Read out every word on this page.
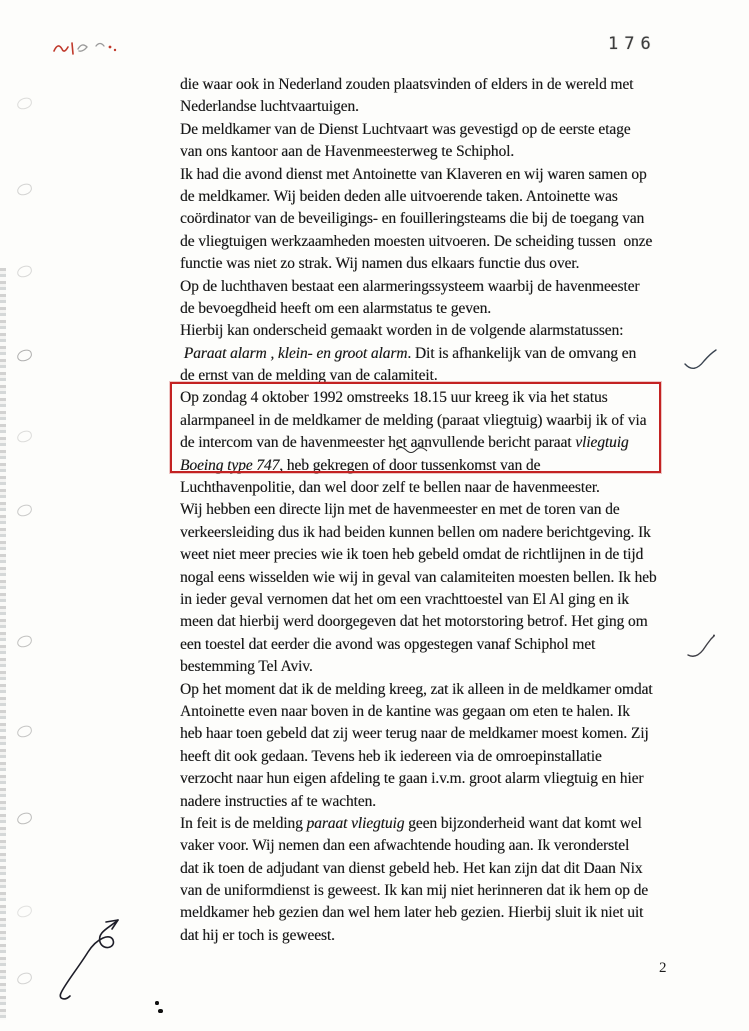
176
die waar ook in Nederland zouden plaatsvinden of elders in de wereld met
Nederlandse luchtvaartuigen.
De meldkamer van de Dienst Luchtvaart was gevestigd op de eerste etage
van ons kantoor aan de Havenmeesterweg te Schiphol.
Ik had die avond dienst met Antoinette van Klaveren en wij waren samen op
de meldkamer. Wij beiden deden alle uitvoerende taken. Antoinette was
coördinator van de beveiligings- en fouilleringsteams die bij de toegang van
de vliegtuigen werkzaamheden moesten uitvoeren. De scheiding tussen  onze
functie was niet zo strak. Wij namen dus elkaars functie dus over.
Op de luchthaven bestaat een alarmeringssysteem waarbij de havenmeester
de bevoegdheid heeft om een alarmstatus te geven.
Hierbij kan onderscheid gemaakt worden in de volgende alarmstatussen:
Paraat alarm , klein- en groot alarm. Dit is afhankelijk van de omvang en
de ernst van de melding van de calamiteit.
Op zondag 4 oktober 1992 omstreeks 18.15 uur kreeg ik via het status
alarmpaneel in de meldkamer de melding (paraat vliegtuig) waarbij ik of via
de intercom van de havenmeester het aanvullende bericht paraat vliegtuig
Boeing type 747, heb gekregen of door tussenkomst van de
Luchthavenpolitie, dan wel door zelf te bellen naar de havenmeester.
Wij hebben een directe lijn met de havenmeester en met de toren van de
verkeersleiding dus ik had beiden kunnen bellen om nadere berichtgeving. Ik
weet niet meer precies wie ik toen heb gebeld omdat de richtlijnen in de tijd
nogal eens wisselden wie wij in geval van calamiteiten moesten bellen. Ik heb
in ieder geval vernomen dat het om een vrachttoestel van El Al ging en ik
meen dat hierbij werd doorgegeven dat het motorstoring betrof. Het ging om
een toestel dat eerder die avond was opgestegen vanaf Schiphol met
bestemming Tel Aviv.
Op het moment dat ik de melding kreeg, zat ik alleen in de meldkamer omdat
Antoinette even naar boven in de kantine was gegaan om eten te halen. Ik
heb haar toen gebeld dat zij weer terug naar de meldkamer moest komen. Zij
heeft dit ook gedaan. Tevens heb ik iedereen via de omroepinstallatie
verzocht naar hun eigen afdeling te gaan i.v.m. groot alarm vliegtuig en hier
nadere instructies af te wachten.
In feit is de melding paraat vliegtuig geen bijzonderheid want dat komt wel
vaker voor. Wij nemen dan een afwachtende houding aan. Ik veronderstel
dat ik toen de adjudant van dienst gebeld heb. Het kan zijn dat dit Daan Nix
van de uniformdienst is geweest. Ik kan mij niet herinneren dat ik hem op de
meldkamer heb gezien dan wel hem later heb gezien. Hierbij sluit ik niet uit
dat hij er toch is geweest.
2
